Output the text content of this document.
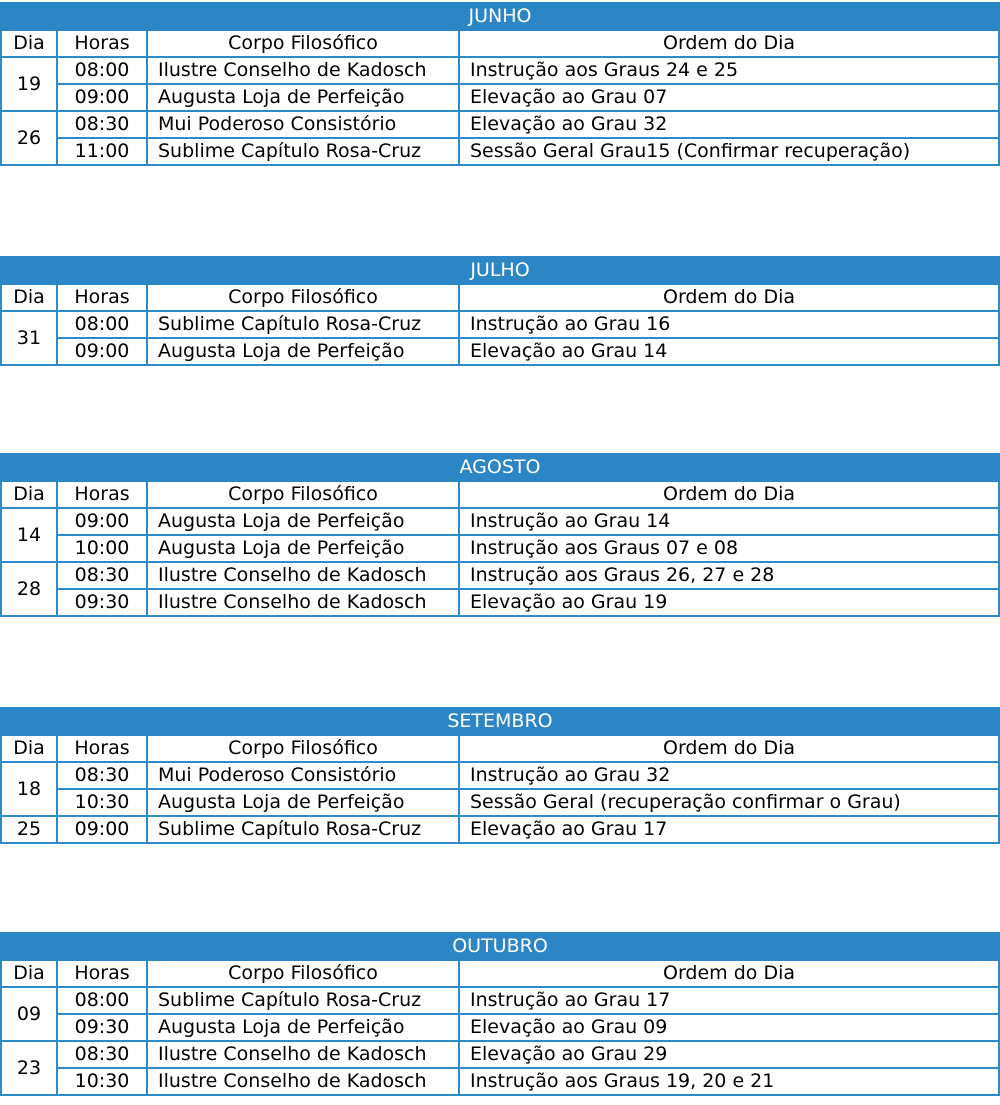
JUNHO			
Dia	Horas	Corpo Filosófico	Ordem do Dia
19	08:00	Ilustre Conselho de Kadosch	Instrução aos Graus 24 e 25
	09:00	Augusta Loja de Perfeição	Elevação ao Grau 07
26	08:30	Mui Poderoso Consistório	Elevação ao Grau 32
	11:00	Sublime Capítulo Rosa-Cruz	Sessão Geral Grau15 (Confirmar recuperação)
JULHO			
Dia	Horas	Corpo Filosófico	Ordem do Dia
31	08:00	Sublime Capítulo Rosa-Cruz	Instrução ao Grau 16
	09:00	Augusta Loja de Perfeição	Elevação ao Grau 14
AGOSTO			
Dia	Horas	Corpo Filosófico	Ordem do Dia
14	09:00	Augusta Loja de Perfeição	Instrução ao Grau 14
	10:00	Augusta Loja de Perfeição	Instrução aos Graus 07 e 08
28	08:30	Ilustre Conselho de Kadosch	Instrução aos Graus 26, 27 e 28
	09:30	Ilustre Conselho de Kadosch	Elevação ao Grau 19
SETEMBRO			
Dia	Horas	Corpo Filosófico	Ordem do Dia
18	08:30	Mui Poderoso Consistório	Instrução ao Grau 32
	10:30	Augusta Loja de Perfeição	Sessão Geral (recuperação confirmar o Grau)
25	09:00	Sublime Capítulo Rosa-Cruz	Elevação ao Grau 17
OUTUBRO			
Dia	Horas	Corpo Filosófico	Ordem do Dia
09	08:00	Sublime Capítulo Rosa-Cruz	Instrução ao Grau 17
	09:30	Augusta Loja de Perfeição	Elevação ao Grau 09
23	08:30	Ilustre Conselho de Kadosch	Elevação ao Grau 29
	10:30	Ilustre Conselho de Kadosch	Instrução aos Graus 19, 20 e 21
